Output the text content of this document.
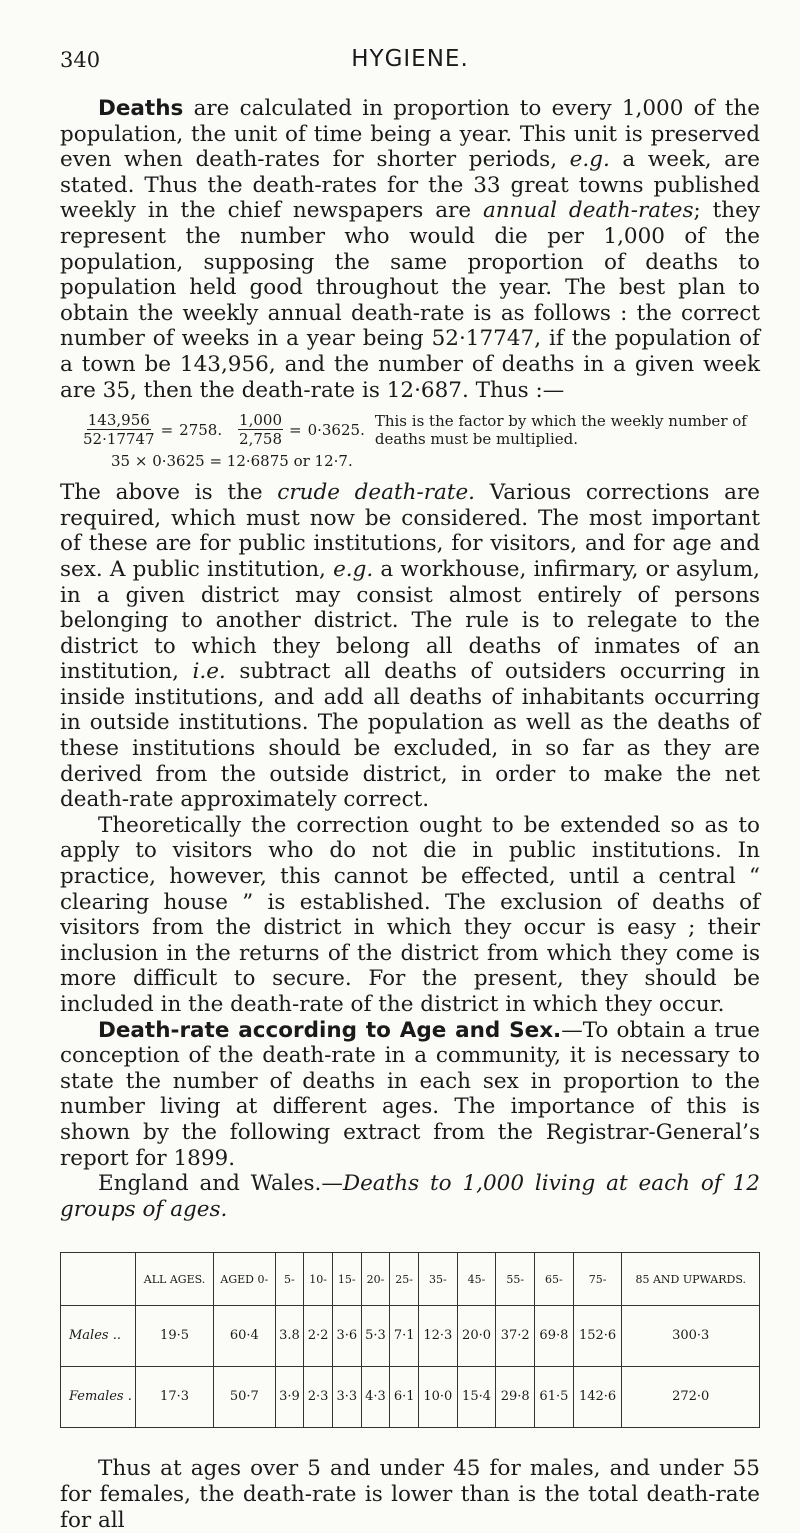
340	HYGIENE.

Deaths are calculated in proportion to every 1,000 of the population, the unit of time being a year. This unit is preserved even when death-rates for shorter periods, e.g. a week, are stated. Thus the death-rates for the 33 great towns published weekly in the chief newspapers are annual death-rates; they represent the number who would die per 1,000 of the population, supposing the same proportion of deaths to population held good throughout the year. The best plan to obtain the weekly annual death-rate is as follows : the correct number of weeks in a year being 52·17747, if the population of a town be 143,956, and the number of deaths in a given week are 35, then the death-rate is 12·687. Thus :—

$\frac{143,956}{52\cdot 17747} = 2758$. $\frac{1,000}{2,758} = 0\cdot 3625$. This is the factor by which the weekly number of deaths must be multiplied.
35 × 0·3625 = 12·6875 or 12·7.

The above is the crude death-rate. Various corrections are required, which must now be considered. The most important of these are for public institutions, for visitors, and for age and sex. A public institution, e.g. a workhouse, infirmary, or asylum, in a given district may consist almost entirely of persons belonging to another district. The rule is to relegate to the district to which they belong all deaths of inmates of an institution, i.e. subtract all deaths of outsiders occurring in inside institutions, and add all deaths of inhabitants occurring in outside institutions. The population as well as the deaths of these institutions should be excluded, in so far as they are derived from the outside district, in order to make the net death-rate approximately correct.

Theoretically the correction ought to be extended so as to apply to visitors who do not die in public institutions. In practice, however, this cannot be effected, until a central “ clearing house ” is established. The exclusion of deaths of visitors from the district in which they occur is easy ; their inclusion in the returns of the district from which they come is more difficult to secure. For the present, they should be included in the death-rate of the district in which they occur.

Death-rate according to Age and Sex.—To obtain a true conception of the death-rate in a community, it is necessary to state the number of deaths in each sex in proportion to the number living at different ages. The importance of this is shown by the following extract from the Registrar-General’s report for 1899.

England and Wales.—Deaths to 1,000 living at each of 12 groups of ages.

	ALL AGES.	AGED 0-	5-	10-	15-	20-	25-	35-	45-	55-	65-	75-	85 AND UPWARDS.
Males ..	19·5	60·4	3.8	2·2	3·6	5·3	7·1	12·3	20·0	37·2	69·8	152·6	300·3
Females .	17·3	50·7	3·9	2·3	3·3	4·3	6·1	10·0	15·4	29·8	61·5	142·6	272·0

Thus at ages over 5 and under 45 for males, and under 55 for females, the death-rate is lower than is the total death-rate for all
